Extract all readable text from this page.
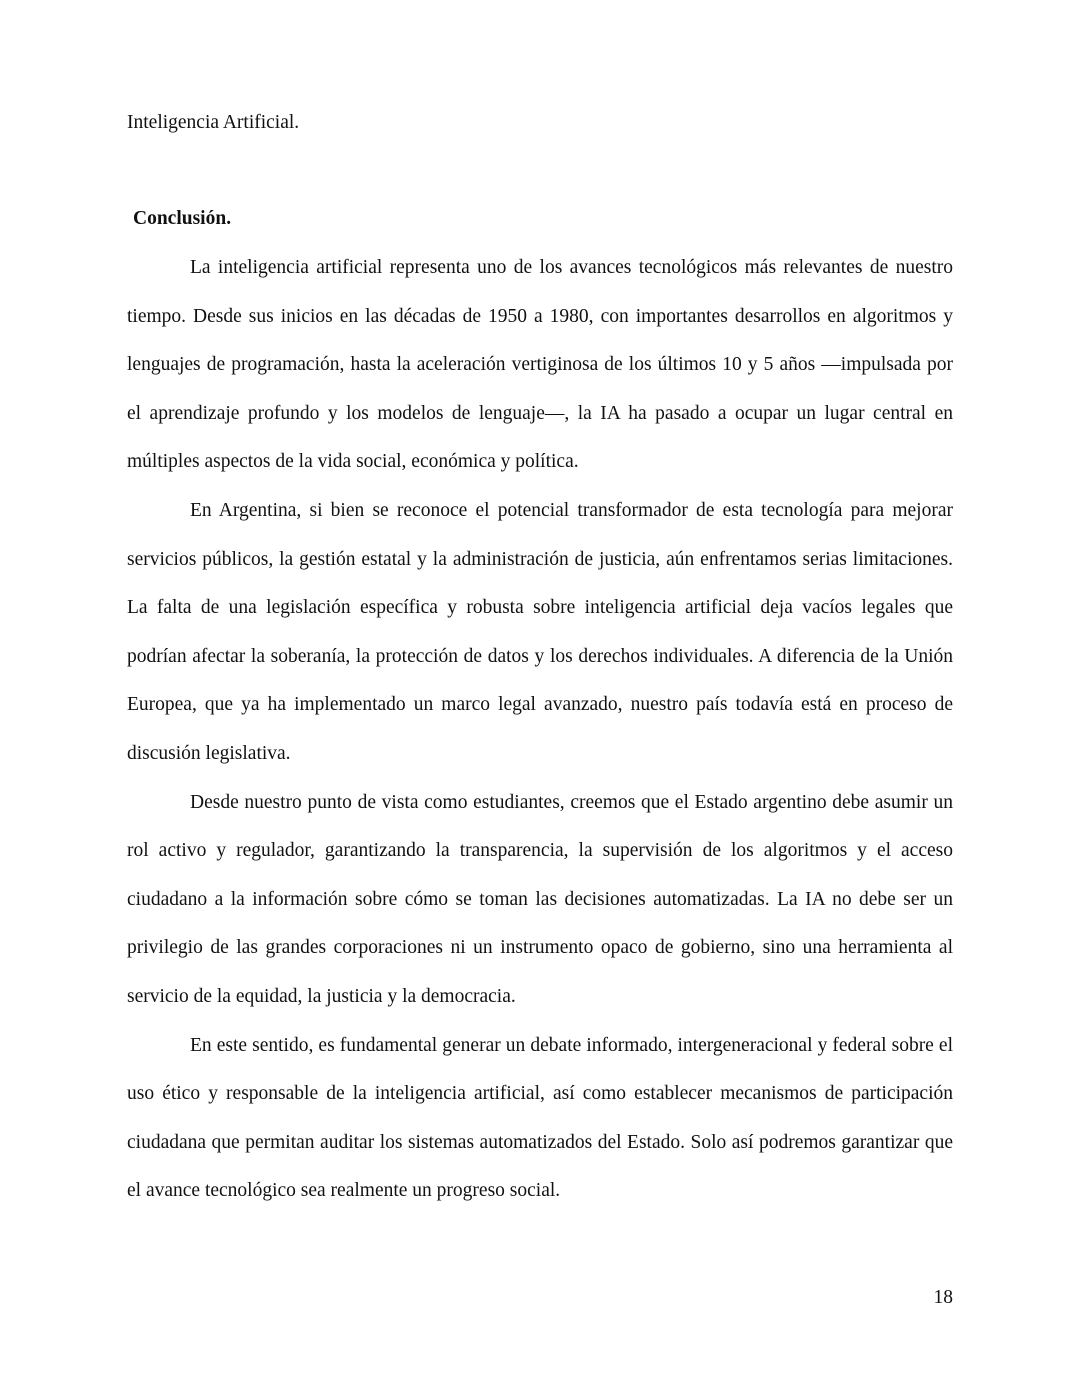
Inteligencia Artificial.
Conclusión.

La inteligencia artificial representa uno de los avances tecnológicos más relevantes de nuestro tiempo. Desde sus inicios en las décadas de 1950 a 1980, con importantes desarrollos en algoritmos y lenguajes de programación, hasta la aceleración vertiginosa de los últimos 10 y 5 años —impulsada por el aprendizaje profundo y los modelos de lenguaje—, la IA ha pasado a ocupar un lugar central en múltiples aspectos de la vida social, económica y política.

En Argentina, si bien se reconoce el potencial transformador de esta tecnología para mejorar servicios públicos, la gestión estatal y la administración de justicia, aún enfrentamos serias limitaciones. La falta de una legislación específica y robusta sobre inteligencia artificial deja vacíos legales que podrían afectar la soberanía, la protección de datos y los derechos individuales. A diferencia de la Unión Europea, que ya ha implementado un marco legal avanzado, nuestro país todavía está en proceso de discusión legislativa.

Desde nuestro punto de vista como estudiantes, creemos que el Estado argentino debe asumir un rol activo y regulador, garantizando la transparencia, la supervisión de los algoritmos y el acceso ciudadano a la información sobre cómo se toman las decisiones automatizadas. La IA no debe ser un privilegio de las grandes corporaciones ni un instrumento opaco de gobierno, sino una herramienta al servicio de la equidad, la justicia y la democracia.

En este sentido, es fundamental generar un debate informado, intergeneracional y federal sobre el uso ético y responsable de la inteligencia artificial, así como establecer mecanismos de participación ciudadana que permitan auditar los sistemas automatizados del Estado. Solo así podremos garantizar que el avance tecnológico sea realmente un progreso social.

18
